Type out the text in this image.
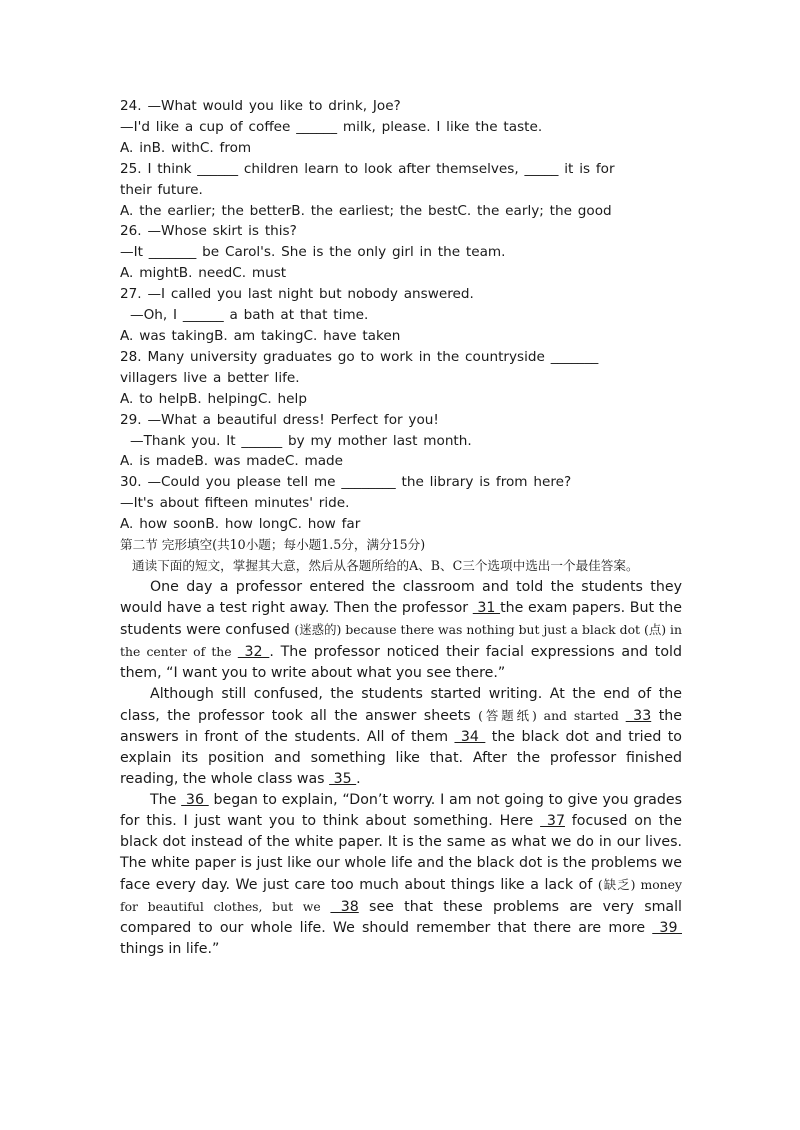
24. —What would you like to drink, Joe?
—I'd like a cup of coffee ______ milk, please. I like the taste.
A. inB. withC. from
25. I think ______ children learn to look after themselves, _____ it is for
their future.
A. the earlier; the betterB. the earliest; the bestC. the early; the good
26. —Whose skirt is this?
—It _______ be Carol's. She is the only girl in the team.
A. mightB. needC. must
27. —I called you last night but nobody answered.
—Oh, I ______ a bath at that time.
A. was takingB. am takingC. have taken
28. Many university graduates go to work in the countryside _______
villagers live a better life.
A. to helpB. helpingC. help
29. —What a beautiful dress! Perfect for you!
—Thank you. It ______ by my mother last month.
A. is madeB. was madeC. made
30. —Could you please tell me ________ the library is from here?
—It's about fifteen minutes' ride.
A. how soonB. how longC. how far
第二节 完形填空(共10小题；每小题1.5分，满分15分)
通读下面的短文，掌握其大意，然后从各题所给的A、B、C三个选项中选出一个最佳答案。

One day a professor entered the classroom and told the students they would have a test right away. Then the professor  31 the exam papers. But the students were confused (迷惑的) because there was nothing but just a black dot (点) in the center of the  32 . The professor noticed their facial expressions and told them, “I want you to write about what you see there.”

Although still confused, the students started writing. At the end of the class, the professor took all the answer sheets (答题纸) and started  33 the answers in front of the students. All of them  34  the black dot and tried to explain its position and something like that. After the professor finished reading, the whole class was  35 .

The  36  began to explain, “Don’t worry. I am not going to give you grades for this. I just want you to think about something. Here  37 focused on the black dot instead of the white paper. It is the same as what we do in our lives. The white paper is just like our whole life and the black dot is the problems we face every day. We just care too much about things like a lack of (缺乏) money for beautiful clothes, but we  38 see that these problems are very small compared to our whole life. We should remember that there are more  39  things in life.”
